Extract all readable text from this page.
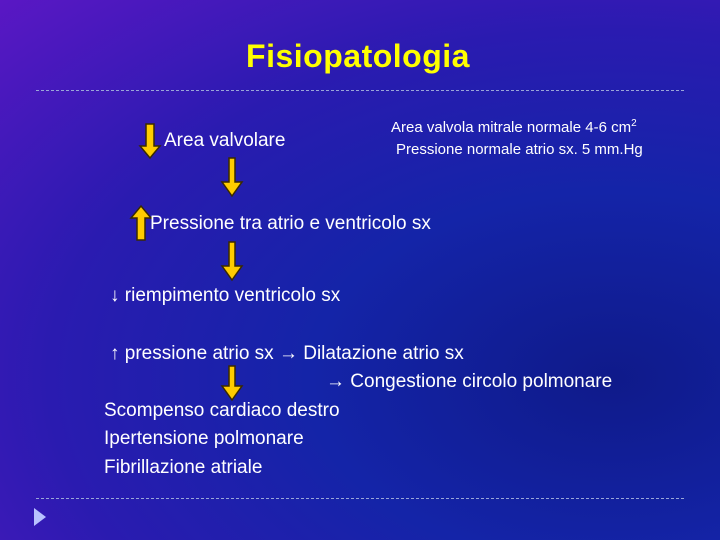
Fisiopatologia
Area valvolare
Area valvola mitrale normale 4-6 $cm^2$
Pressione normale atrio sx. 5 mm.Hg
Pressione tra atrio e ventricolo sx
↓ riempimento ventricolo sx
↑ pressione atrio sx → Dilatazione atrio sx
→ Congestione circolo polmonare
Scompenso cardiaco destro
Ipertensione polmonare
Fibrillazione atriale
